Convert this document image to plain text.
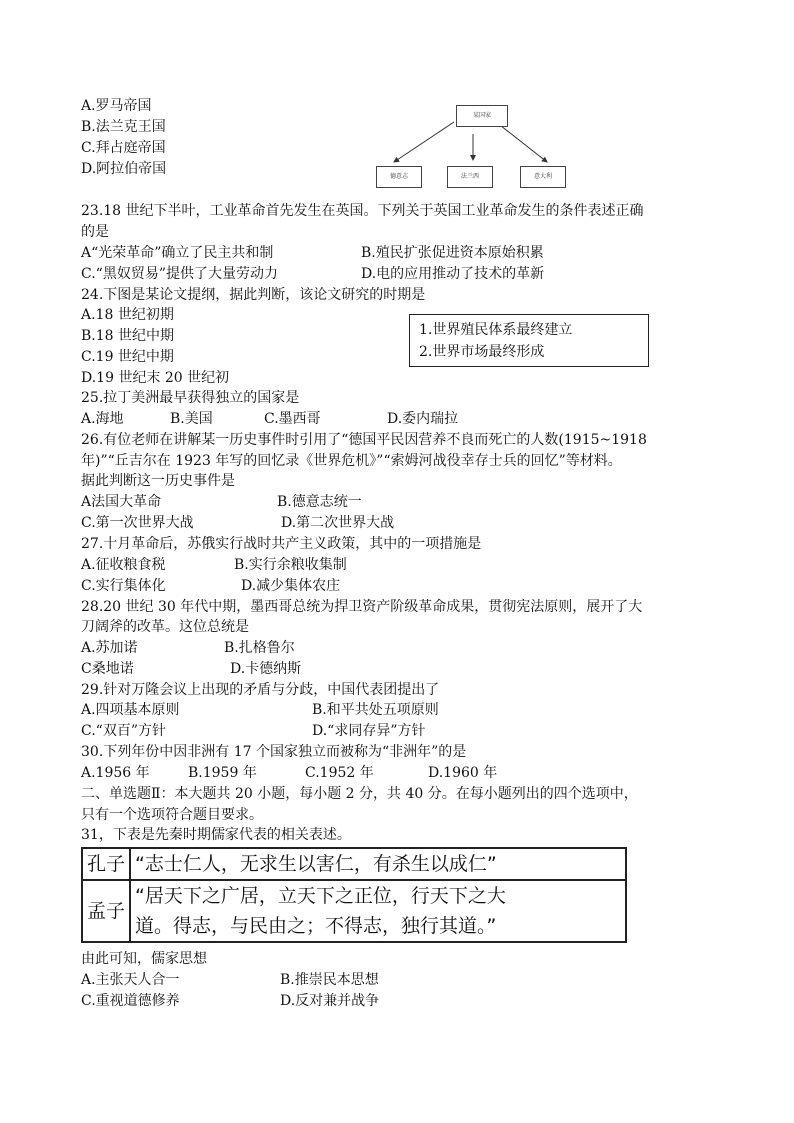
A.罗马帝国
B.法兰克王国
C.拜占庭帝国
D.阿拉伯帝国
某国家
德意志	法兰西	意大利
23.18 世纪下半叶，工业革命首先发生在英国。下列关于英国工业革命发生的条件表述正确
的是
A“光荣革命”确立了民主共和制	B.殖民扩张促进资本原始积累
C.“黑奴贸易”提供了大量劳动力	D.电的应用推动了技术的革新
24.下图是某论文提纲，据此判断，该论文研究的时期是
A.18 世纪初期
B.18 世纪中期
C.19 世纪中期
D.19 世纪末 20 世纪初
1.世界殖民体系最终建立
2.世界市场最终形成
25.拉丁美洲最早获得独立的国家是
A.海地	B.美国	C.墨西哥	D.委内瑞拉
26.有位老师在讲解某一历史事件时引用了“德国平民因营养不良而死亡的人数(1915~1918
年)”“丘吉尔在 1923 年写的回忆录《世界危机》”“索姆河战役幸存士兵的回忆”等材料。
据此判断这一历史事件是
A法国大革命	B.德意志统一
C.第一次世界大战	D.第二次世界大战
27.十月革命后，苏俄实行战时共产主义政策，其中的一项措施是
A.征收粮食税	B.实行余粮收集制
C.实行集体化	D.减少集体农庄
28.20 世纪 30 年代中期，墨西哥总统为捍卫资产阶级革命成果，贯彻宪法原则，展开了大
刀阔斧的改革。这位总统是
A.苏加诺	B.扎格鲁尔
C桑地诺	D.卡德纳斯
29.针对万隆会议上出现的矛盾与分歧，中国代表团提出了
A.四项基本原则	B.和平共处五项原则
C.“双百”方针	D.“求同存异”方针
30.下列年份中因非洲有 17 个国家独立而被称为“非洲年”的是
A.1956 年	B.1959 年	C.1952 年	D.1960 年
二、单选题Ⅱ：本大题共 20 小题，每小题 2 分，共 40 分。在每小题列出的四个选项中，
只有一个选项符合题目要求。
31，下表是先秦时期儒家代表的相关表述。
孔子	“志士仁人，无求生以害仁，有杀生以成仁”

孟子	“居天下之广居，立天下之正位，行天下之大
道。得志，与民由之；不得志，独行其道。”
由此可知，儒家思想
A.主张天人合一	B.推崇民本思想
C.重视道德修养	D.反对兼并战争
